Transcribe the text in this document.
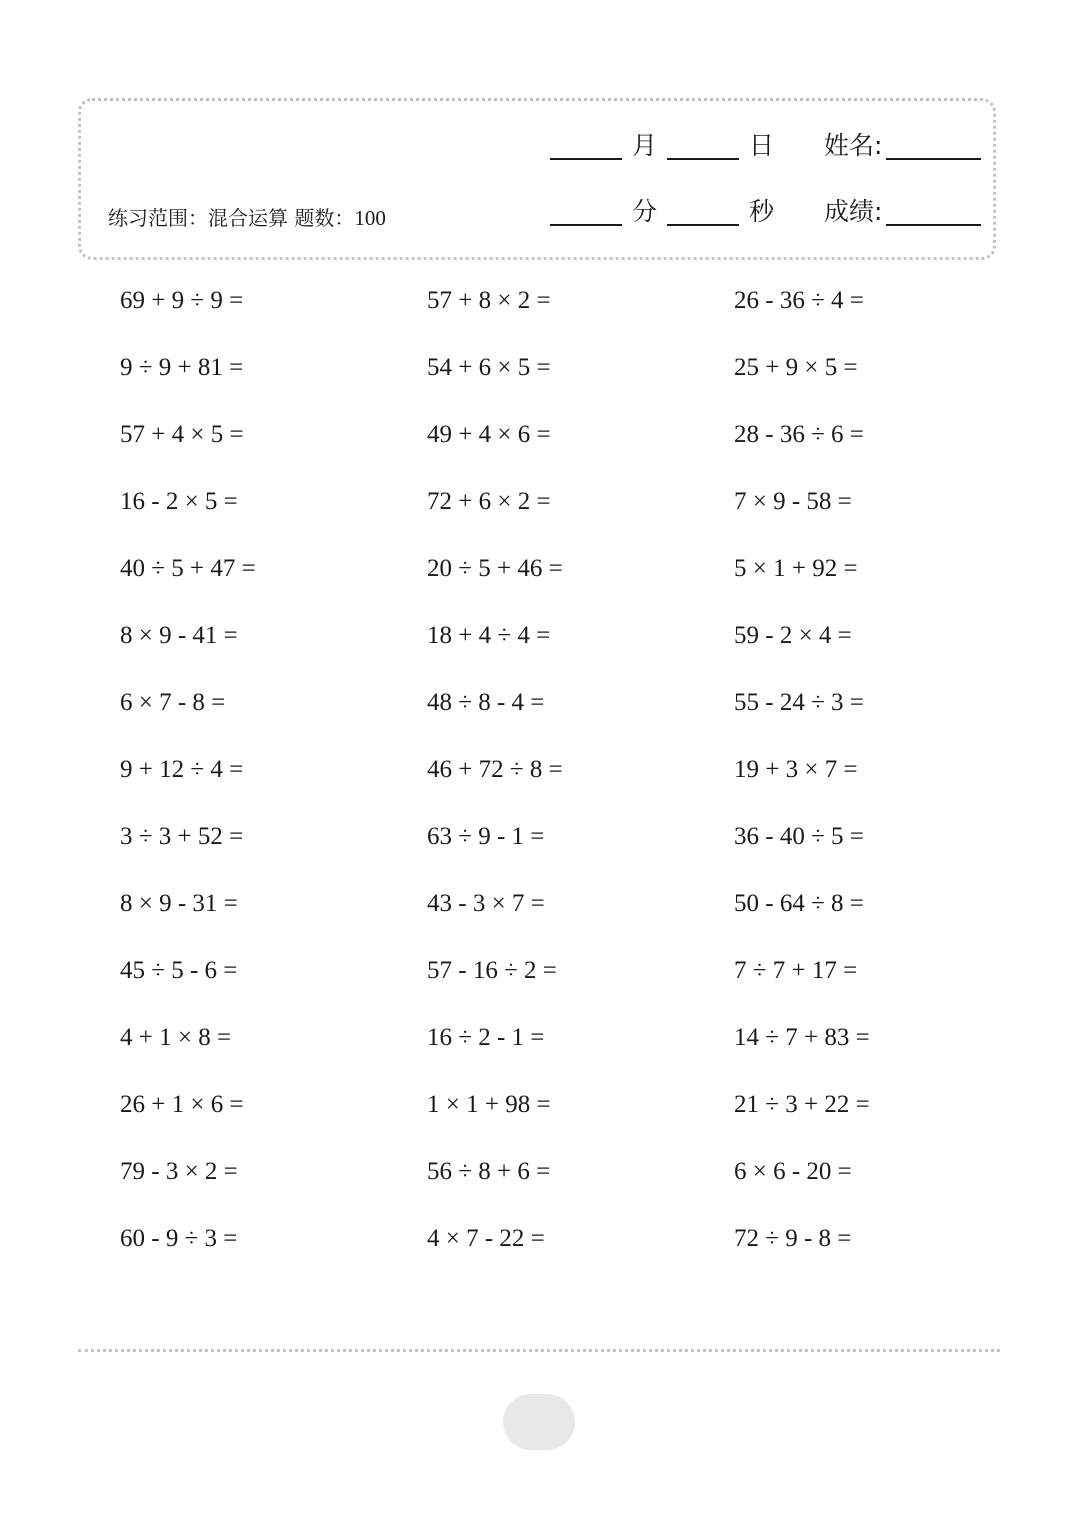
月	日	姓名:
分	秒	成绩:
练习范围：混合运算 题数：100
69 + 9 ÷ 9 =	57 + 8 × 2 =	26 - 36 ÷ 4 =
9 ÷ 9 + 81 =	54 + 6 × 5 =	25 + 9 × 5 =
57 + 4 × 5 =	49 + 4 × 6 =	28 - 36 ÷ 6 =
16 - 2 × 5 =	72 + 6 × 2 =	7 × 9 - 58 =
40 ÷ 5 + 47 =	20 ÷ 5 + 46 =	5 × 1 + 92 =
8 × 9 - 41 =	18 + 4 ÷ 4 =	59 - 2 × 4 =
6 × 7 - 8 =	48 ÷ 8 - 4 =	55 - 24 ÷ 3 =
9 + 12 ÷ 4 =	46 + 72 ÷ 8 =	19 + 3 × 7 =
3 ÷ 3 + 52 =	63 ÷ 9 - 1 =	36 - 40 ÷ 5 =
8 × 9 - 31 =	43 - 3 × 7 =	50 - 64 ÷ 8 =
45 ÷ 5 - 6 =	57 - 16 ÷ 2 =	7 ÷ 7 + 17 =
4 + 1 × 8 =	16 ÷ 2 - 1 =	14 ÷ 7 + 83 =
26 + 1 × 6 =	1 × 1 + 98 =	21 ÷ 3 + 22 =
79 - 3 × 2 =	56 ÷ 8 + 6 =	6 × 6 - 20 =
60 - 9 ÷ 3 =	4 × 7 - 22 =	72 ÷ 9 - 8 =
